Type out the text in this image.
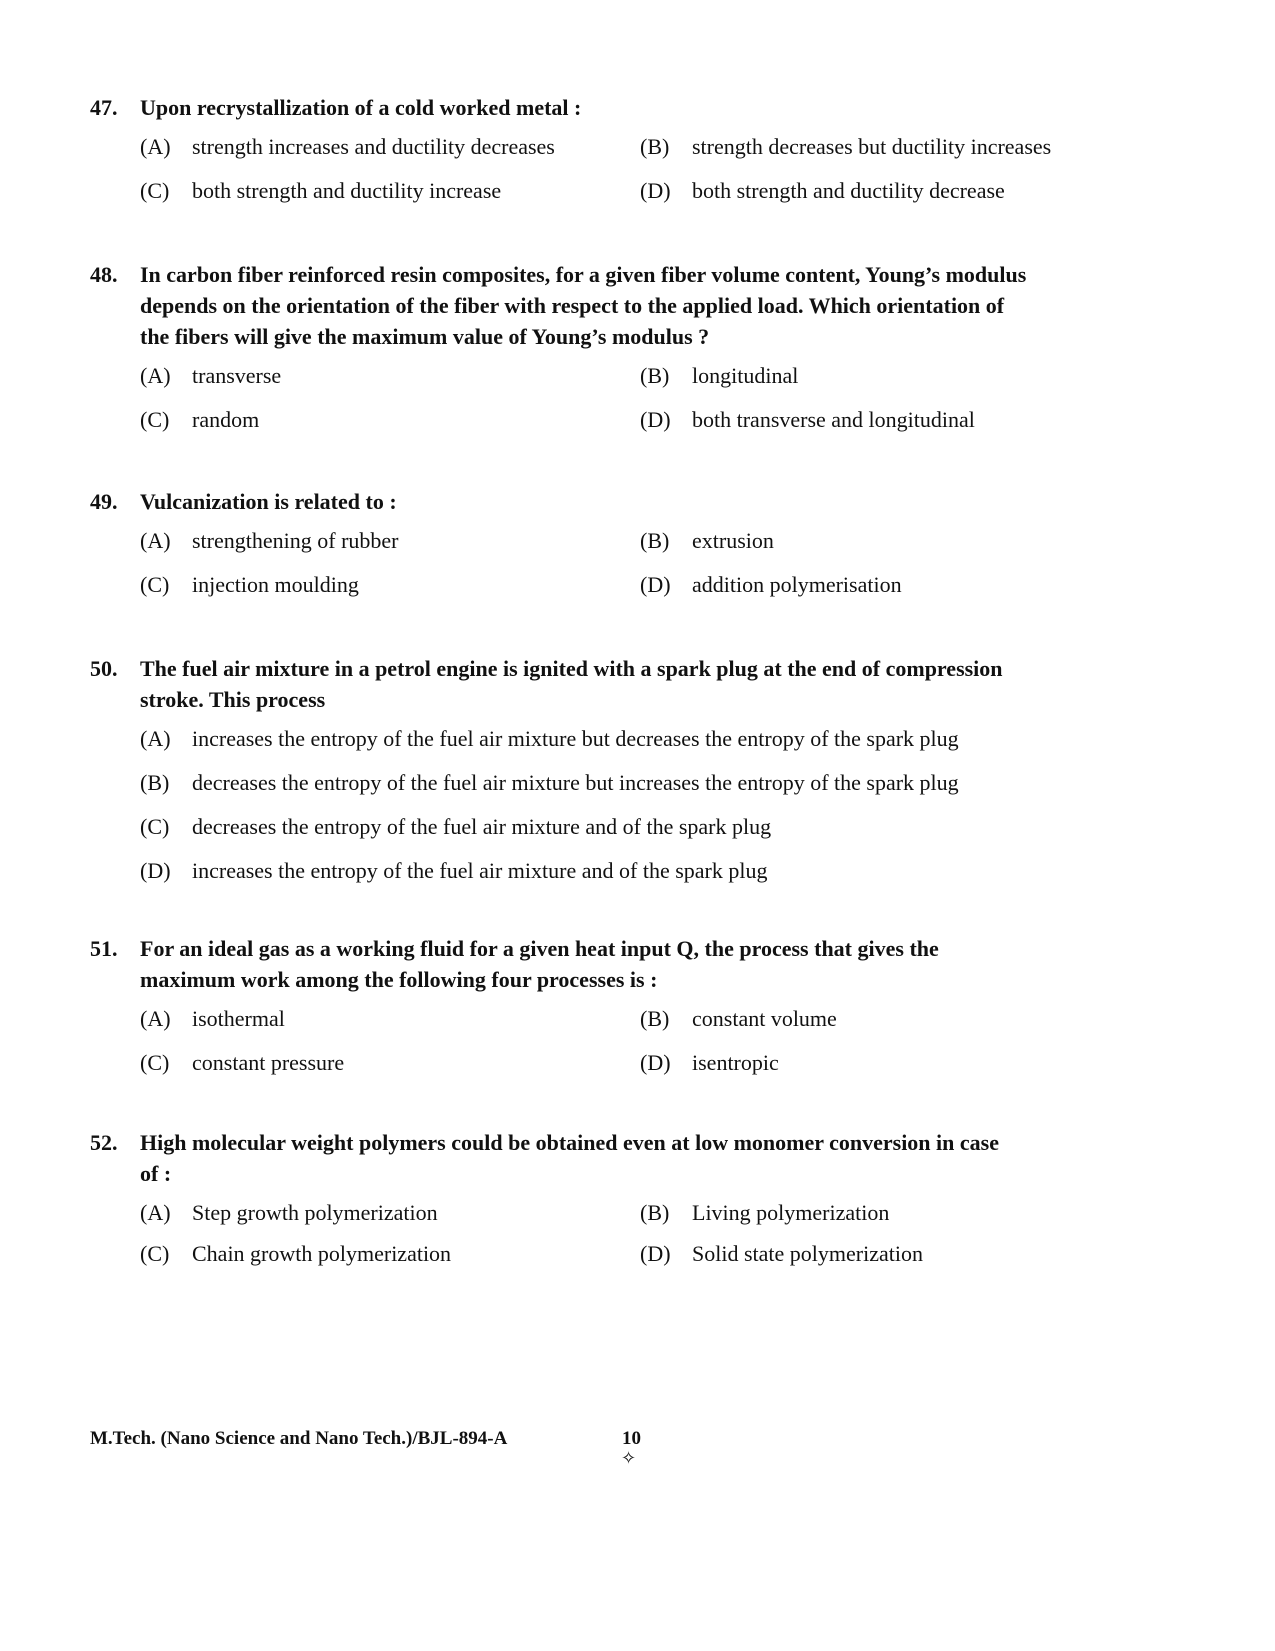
47. Upon recrystallization of a cold worked metal :
(A) strength increases and ductility decreases	(B)	strength decreases but ductility increases
(C)	both strength and ductility increase	(D) both strength and ductility decrease
48. In carbon fiber reinforced resin composites, for a given fiber volume content, Young’s modulus
depends on the orientation of the fiber with respect to the applied load. Which orientation of
the fibers will give the maximum value of Young’s modulus ?
(A) transverse	(B)	longitudinal
(C)	random	(D) both transverse and longitudinal
49. Vulcanization is related to :
(A) strengthening of rubber	(B)	extrusion
(C)	injection moulding	(D) addition polymerisation
50. The fuel air mixture in a petrol engine is ignited with a spark plug at the end of compression
stroke. This process
(A) increases the entropy of the fuel air mixture but decreases the entropy of the spark plug
(B)	decreases the entropy of the fuel air mixture but increases the entropy of the spark plug
(C)	decreases the entropy of the fuel air mixture and of the spark plug
(D) increases the entropy of the fuel air mixture and of the spark plug
51. For an ideal gas as a working fluid for a given heat input Q, the process that gives the
maximum work among the following four processes is :
(A) isothermal	(B)	constant volume
(C)	constant pressure	(D) isentropic
52. High molecular weight polymers could be obtained even at low monomer conversion in case
of :
(A) Step growth polymerization	(B)	Living polymerization
(C)	Chain growth polymerization	(D) Solid state polymerization
M.Tech. (Nano Science and Nano Tech.)/BJL-894-A	10
✧
